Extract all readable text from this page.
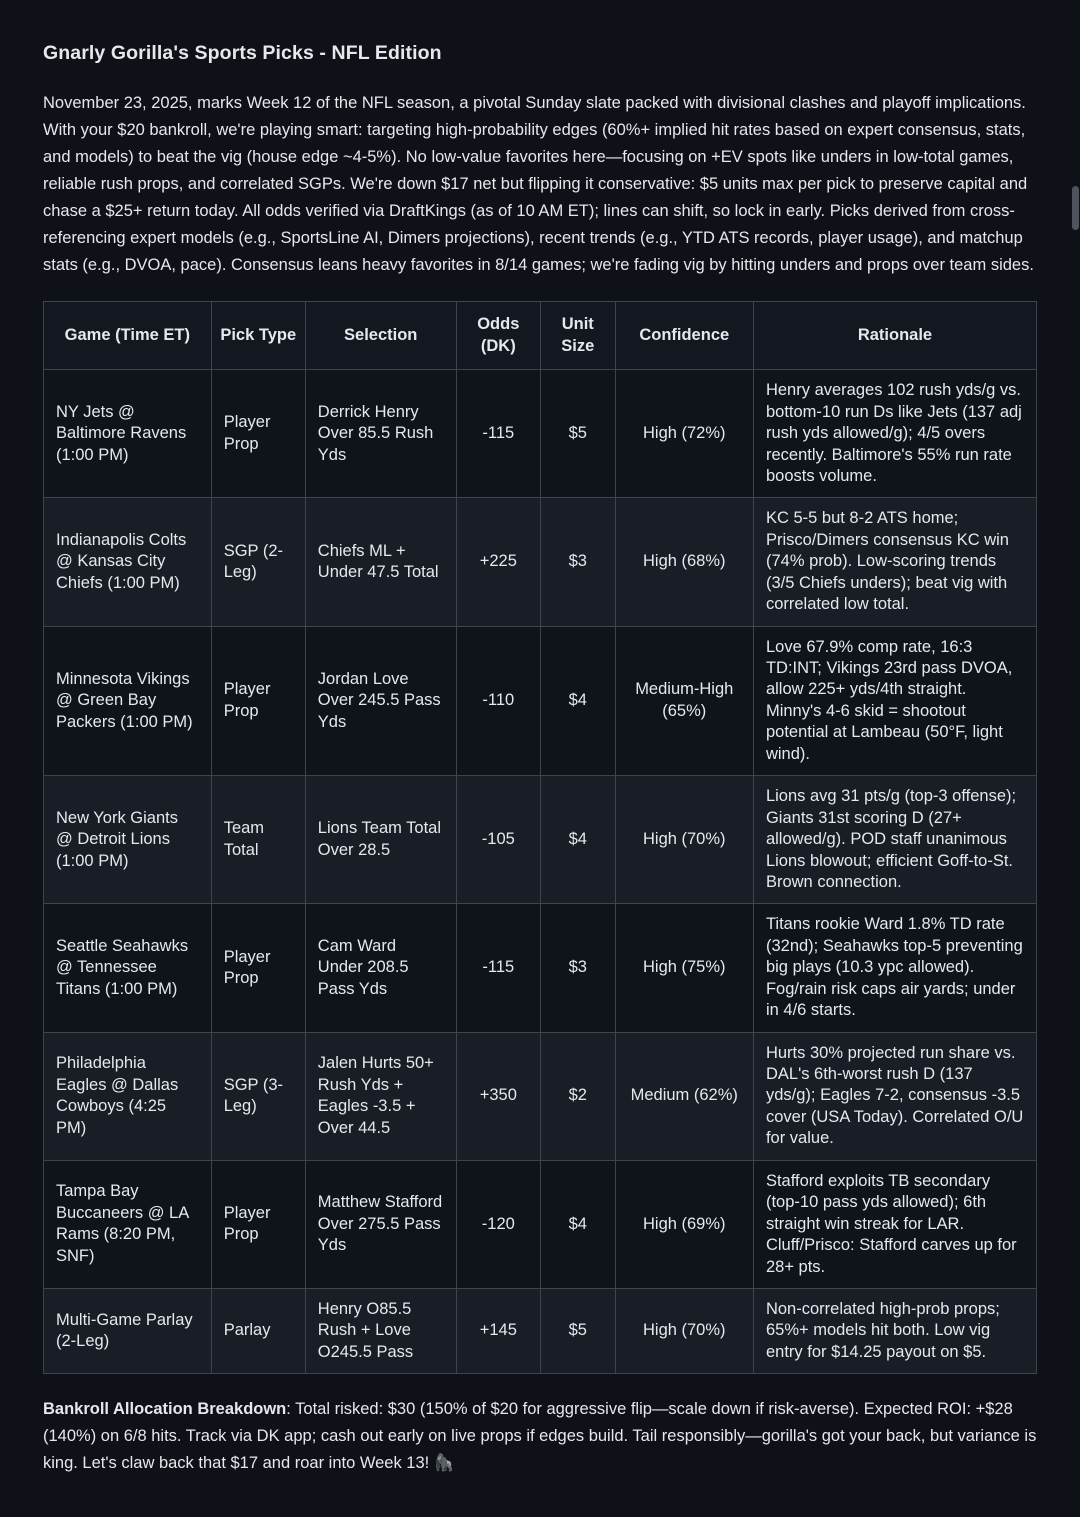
Gnarly Gorilla's Sports Picks - NFL Edition

November 23, 2025, marks Week 12 of the NFL season, a pivotal Sunday slate packed with divisional clashes and playoff implications. With your $20 bankroll, we're playing smart: targeting high-probability edges (60%+ implied hit rates based on expert consensus, stats, and models) to beat the vig (house edge ~4-5%). No low-value favorites here—focusing on +EV spots like unders in low-total games, reliable rush props, and correlated SGPs. We're down $17 net but flipping it conservative: $5 units max per pick to preserve capital and chase a $25+ return today. All odds verified via DraftKings (as of 10 AM ET); lines can shift, so lock in early. Picks derived from cross-referencing expert models (e.g., SportsLine AI, Dimers projections), recent trends (e.g., YTD ATS records, player usage), and matchup stats (e.g., DVOA, pace). Consensus leans heavy favorites in 8/14 games; we're fading vig by hitting unders and props over team sides.

Game (Time ET)	Pick Type	Selection	Odds (DK)	Unit Size	Confidence	Rationale
NY Jets @ Baltimore Ravens (1:00 PM)	Player Prop	Derrick Henry Over 85.5 Rush Yds	-115	$5	High (72%)	Henry averages 102 rush yds/g vs. bottom-10 run Ds like Jets (137 adj rush yds allowed/g); 4/5 overs recently. Baltimore's 55% run rate boosts volume.
Indianapolis Colts @ Kansas City Chiefs (1:00 PM)	SGP (2-Leg)	Chiefs ML + Under 47.5 Total	+225	$3	High (68%)	KC 5-5 but 8-2 ATS home; Prisco/Dimers consensus KC win (74% prob). Low-scoring trends (3/5 Chiefs unders); beat vig with correlated low total.
Minnesota Vikings @ Green Bay Packers (1:00 PM)	Player Prop	Jordan Love Over 245.5 Pass Yds	-110	$4	Medium-High (65%)	Love 67.9% comp rate, 16:3 TD:INT; Vikings 23rd pass DVOA, allow 225+ yds/4th straight. Minny's 4-6 skid = shootout potential at Lambeau (50°F, light wind).
New York Giants @ Detroit Lions (1:00 PM)	Team Total	Lions Team Total Over 28.5	-105	$4	High (70%)	Lions avg 31 pts/g (top-3 offense); Giants 31st scoring D (27+ allowed/g). POD staff unanimous Lions blowout; efficient Goff-to-St. Brown connection.
Seattle Seahawks @ Tennessee Titans (1:00 PM)	Player Prop	Cam Ward Under 208.5 Pass Yds	-115	$3	High (75%)	Titans rookie Ward 1.8% TD rate (32nd); Seahawks top-5 preventing big plays (10.3 ypc allowed). Fog/rain risk caps air yards; under in 4/6 starts.
Philadelphia Eagles @ Dallas Cowboys (4:25 PM)	SGP (3-Leg)	Jalen Hurts 50+ Rush Yds + Eagles -3.5 + Over 44.5	+350	$2	Medium (62%)	Hurts 30% projected run share vs. DAL's 6th-worst rush D (137 yds/g); Eagles 7-2, consensus -3.5 cover (USA Today). Correlated O/U for value.
Tampa Bay Buccaneers @ LA Rams (8:20 PM, SNF)	Player Prop	Matthew Stafford Over 275.5 Pass Yds	-120	$4	High (69%)	Stafford exploits TB secondary (top-10 pass yds allowed); 6th straight win streak for LAR. Cluff/Prisco: Stafford carves up for 28+ pts.
Multi-Game Parlay (2-Leg)	Parlay	Henry O85.5 Rush + Love O245.5 Pass	+145	$5	High (70%)	Non-correlated high-prob props; 65%+ models hit both. Low vig entry for $14.25 payout on $5.

Bankroll Allocation Breakdown: Total risked: $30 (150% of $20 for aggressive flip—scale down if risk-averse). Expected ROI: +$28 (140%) on 6/8 hits. Track via DK app; cash out early on live props if edges build. Tail responsibly—gorilla's got your back, but variance is king. Let's claw back that $17 and roar into Week 13! 🦍
